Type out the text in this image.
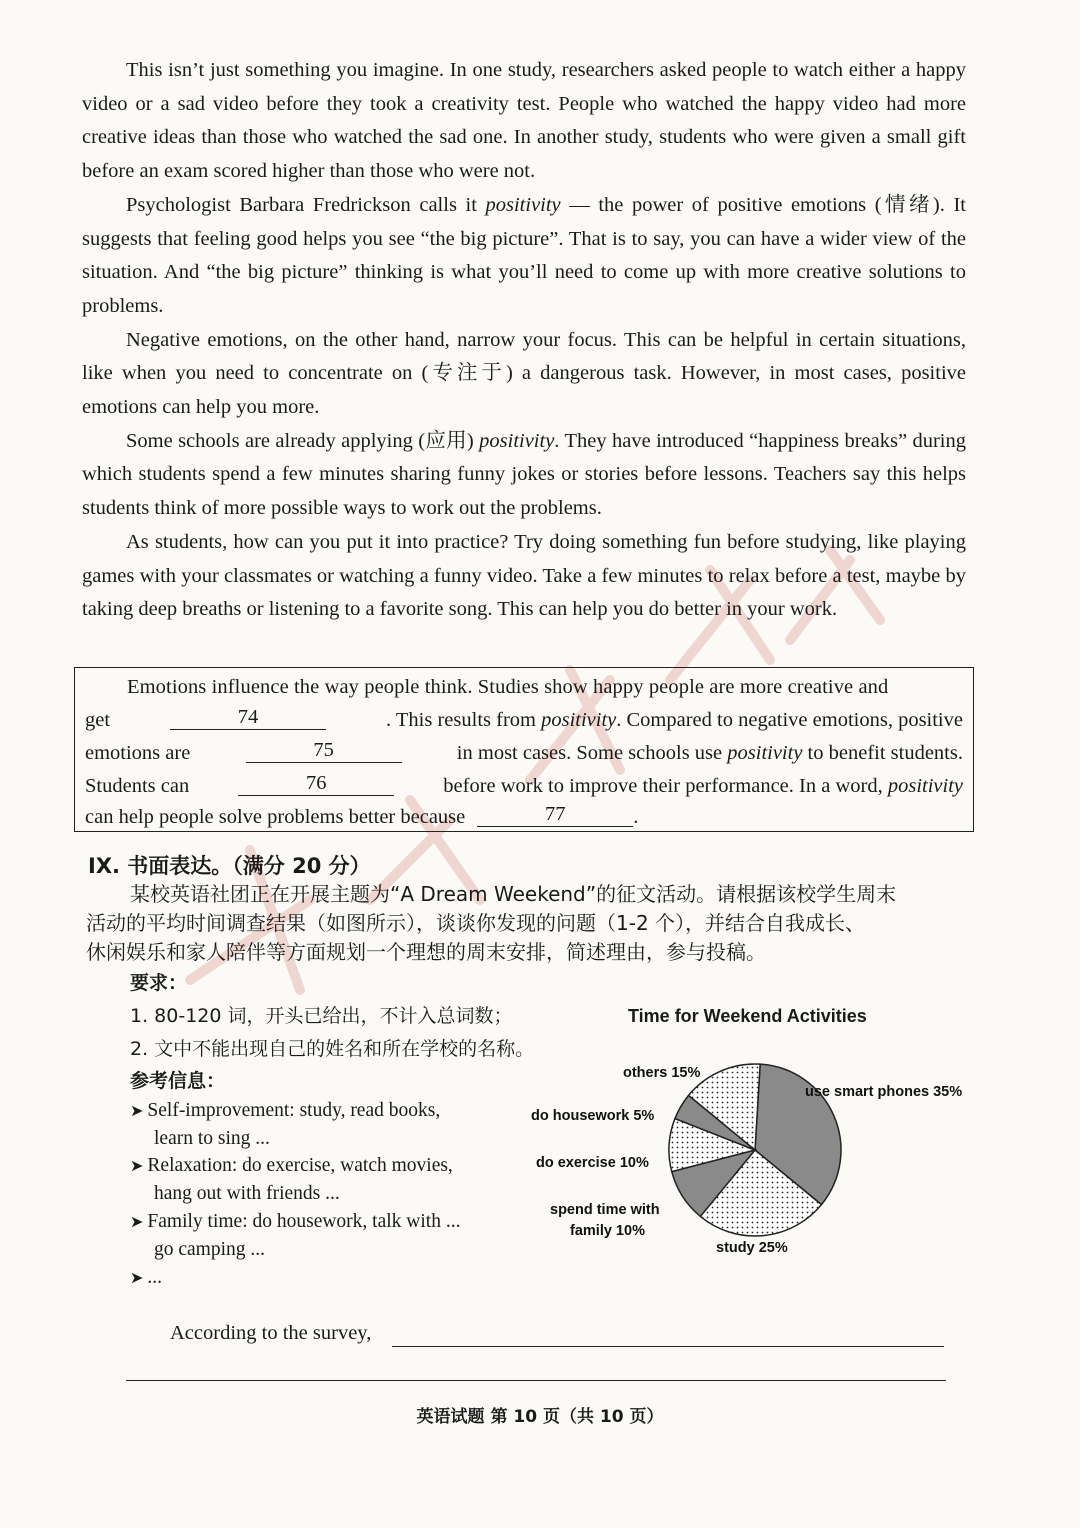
This isn’t just something you imagine. In one study, researchers asked people to watch either a happy video or a sad video before they took a creativity test. People who watched the happy video had more creative ideas than those who watched the sad one. In another study, students who were given a small gift before an exam scored higher than those who were not.

Psychologist Barbara Fredrickson calls it positivity — the power of positive emotions (情绪). It suggests that feeling good helps you see “the big picture”. That is to say, you can have a wider view of the situation. And “the big picture” thinking is what you’ll need to come up with more creative solutions to problems.

Negative emotions, on the other hand, narrow your focus. This can be helpful in certain situations, like when you need to concentrate on (专注于) a dangerous task. However, in most cases, positive emotions can help you more.

Some schools are already applying (应用) positivity. They have introduced “happiness breaks” during which students spend a few minutes sharing funny jokes or stories before lessons. Teachers say this helps students think of more possible ways to work out the problems.

As students, how can you put it into practice? Try doing something fun before studying, like playing games with your classmates or watching a funny video. Take a few minutes to relax before a test, maybe by taking deep breaths or listening to a favorite song. This can help you do better in your work.

Emotions influence the way people think. Studies show happy people are more creative and
get	74	. This results from positivity. Compared to negative emotions, positive
emotions are	75	in most cases. Some schools use positivity to benefit students.
Students can	76	before work to improve their performance. In a word, positivity
can help people solve problems better because	77	.
IX. 书面表达。（满分 20 分）

某校英语社团正在开展主题为“A Dream Weekend”的征文活动。请根据该校学生周末

活动的平均时间调查结果（如图所示），谈谈你发现的问题（1-2 个），并结合自我成长、

休闲娱乐和家人陪伴等方面规划一个理想的周末安排，简述理由，参与投稿。

要求：
1. 80-120 词，开头已给出，不计入总词数；
2. 文中不能出现自己的姓名和所在学校的名称。
参考信息：
➤ Self-improvement: study, read books,
learn to sing ...
➤ Relaxation: do exercise, watch movies,
hang out with friends ...
➤ Family time: do housework, talk with ...
go camping ...
➤ ...
Time for Weekend Activities
use smart phones 35%
study 25%
spend time with
family 10%
do exercise 10%
do housework 5%
others 15%
According to the survey,
英语试题 第 10 页（共 10 页）
